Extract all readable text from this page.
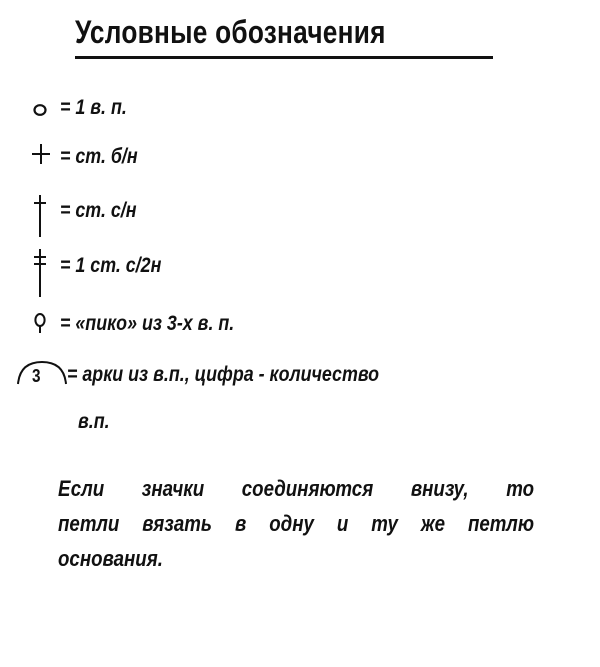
Условные обозначения
= 1 в. п.
= ст. б/н
= ст. с/н
= 1 ст. с/2н
= «пико» из 3-х в. п.
3 = арки из в.п., цифра - количество
в.п.
Если значки соединяются внизу, то
петли вязать в одну и ту же петлю
основания.
